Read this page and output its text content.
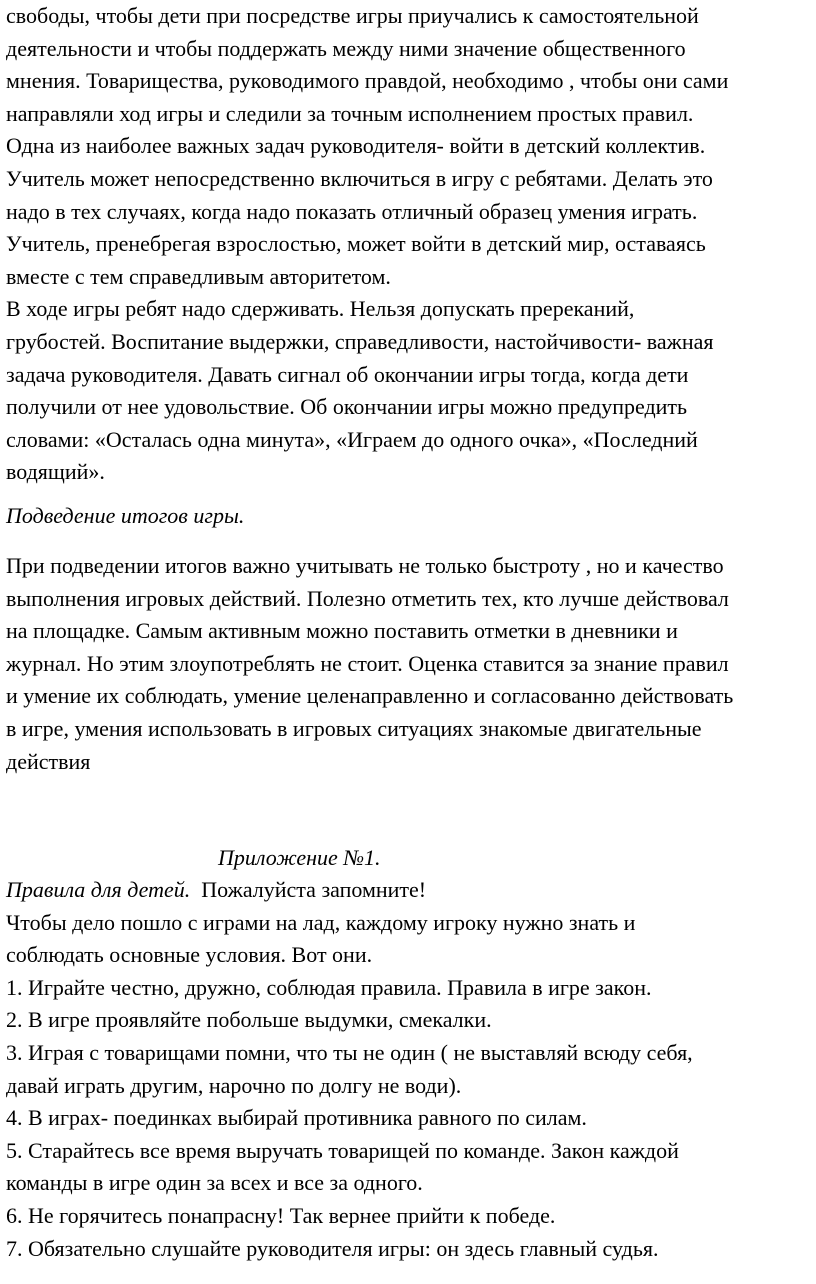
свободы, чтобы дети при посредстве игры приучались к самостоятельной
деятельности и чтобы поддержать между ними значение общественного
мнения. Товарищества, руководимого правдой, необходимо , чтобы они сами
направляли ход игры и следили за точным исполнением простых правил.
Одна из наиболее важных задач руководителя- войти в детский коллектив.
Учитель может непосредственно включиться в игру с ребятами. Делать это
надо в тех случаях, когда надо показать отличный образец умения играть.
Учитель, пренебрегая взрослостью, может войти в детский мир, оставаясь
вместе с тем справедливым авторитетом.
В ходе игры ребят надо сдерживать. Нельзя допускать пререканий,
грубостей. Воспитание выдержки, справедливости, настойчивости- важная
задача руководителя. Давать сигнал об окончании игры тогда, когда дети
получили от нее удовольствие. Об окончании игры можно предупредить
словами: «Осталась одна минута», «Играем до одного очка», «Последний
водящий».
Подведение итогов игры.
При подведении итогов важно учитывать не только быстроту , но и качество
выполнения игровых действий. Полезно отметить тех, кто лучше действовал
на площадке. Самым активным можно поставить отметки в дневники и
журнал. Но этим злоупотреблять не стоит. Оценка ставится за знание правил
и умение их соблюдать, умение целенаправленно и согласованно действовать
в игре, умения использовать в игровых ситуациях знакомые двигательные
действия
Приложение №1.
Правила для детей.  Пожалуйста запомните!
Чтобы дело пошло с играми на лад, каждому игроку нужно знать и
соблюдать основные условия. Вот они.
1. Играйте честно, дружно, соблюдая правила. Правила в игре закон.
2. В игре проявляйте побольше выдумки, смекалки.
3. Играя с товарищами помни, что ты не один ( не выставляй всюду себя,
давай играть другим, нарочно по долгу не води).
4. В играх- поединках выбирай противника равного по силам.
5. Старайтесь все время выручать товарищей по команде. Закон каждой
команды в игре один за всех и все за одного.
6. Не горячитесь понапрасну! Так вернее прийти к победе.
7. Обязательно слушайте руководителя игры: он здесь главный судья.
